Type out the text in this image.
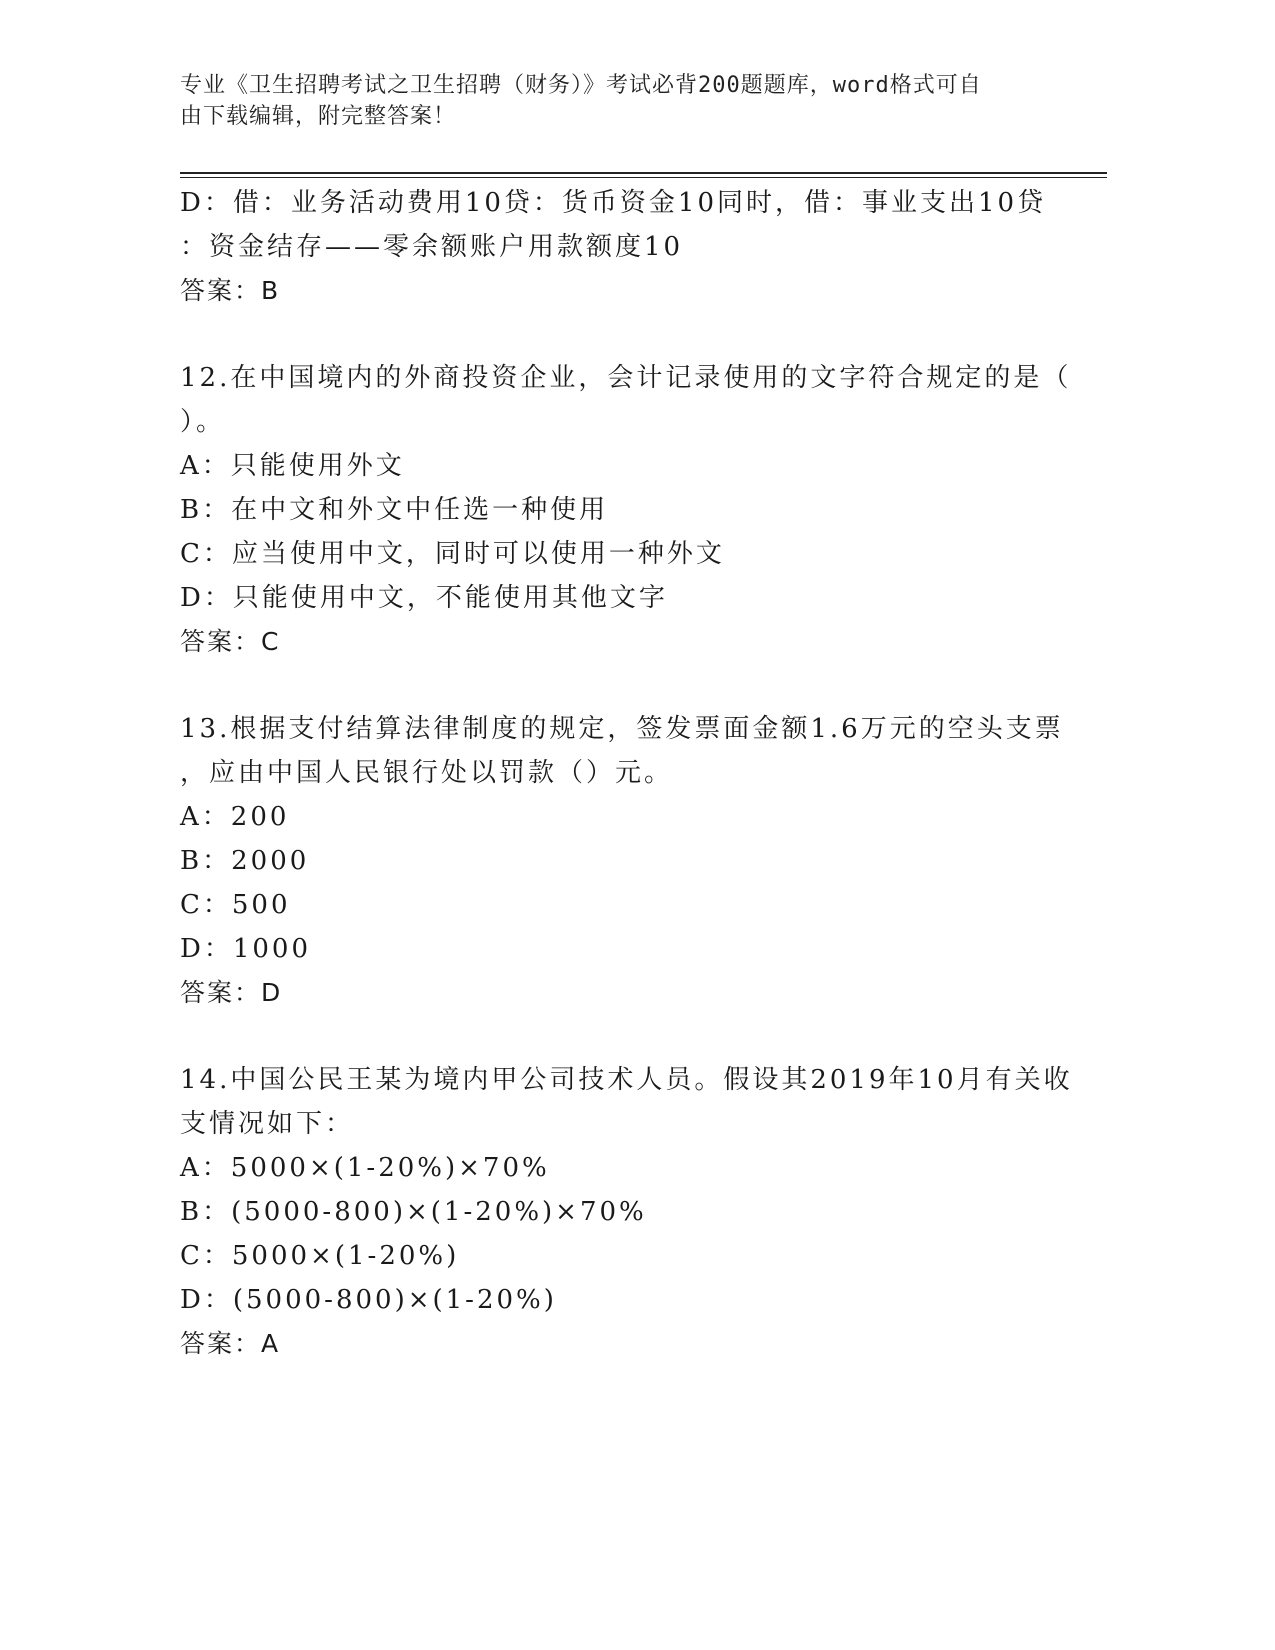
专业《卫生招聘考试之卫生招聘（财务）》考试必背200题题库，word格式可自
由下载编辑，附完整答案！
D：借：业务活动费用10贷：货币资金10同时，借：事业支出10贷
：资金结存——零余额账户用款额度10
答案：B
12.在中国境内的外商投资企业，会计记录使用的文字符合规定的是（
）。
A：只能使用外文
B：在中文和外文中任选一种使用
C：应当使用中文，同时可以使用一种外文
D：只能使用中文，不能使用其他文字
答案：C
13.根据支付结算法律制度的规定，签发票面金额1.6万元的空头支票
，应由中国人民银行处以罚款（）元。
A：200
B：2000
C：500
D：1000
答案：D
14.中国公民王某为境内甲公司技术人员。假设其2019年10月有关收
支情况如下：
A：5000×(1-20%)×70%
B：(5000-800)×(1-20%)×70%
C：5000×(1-20%)
D：(5000-800)×(1-20%)
答案：A
